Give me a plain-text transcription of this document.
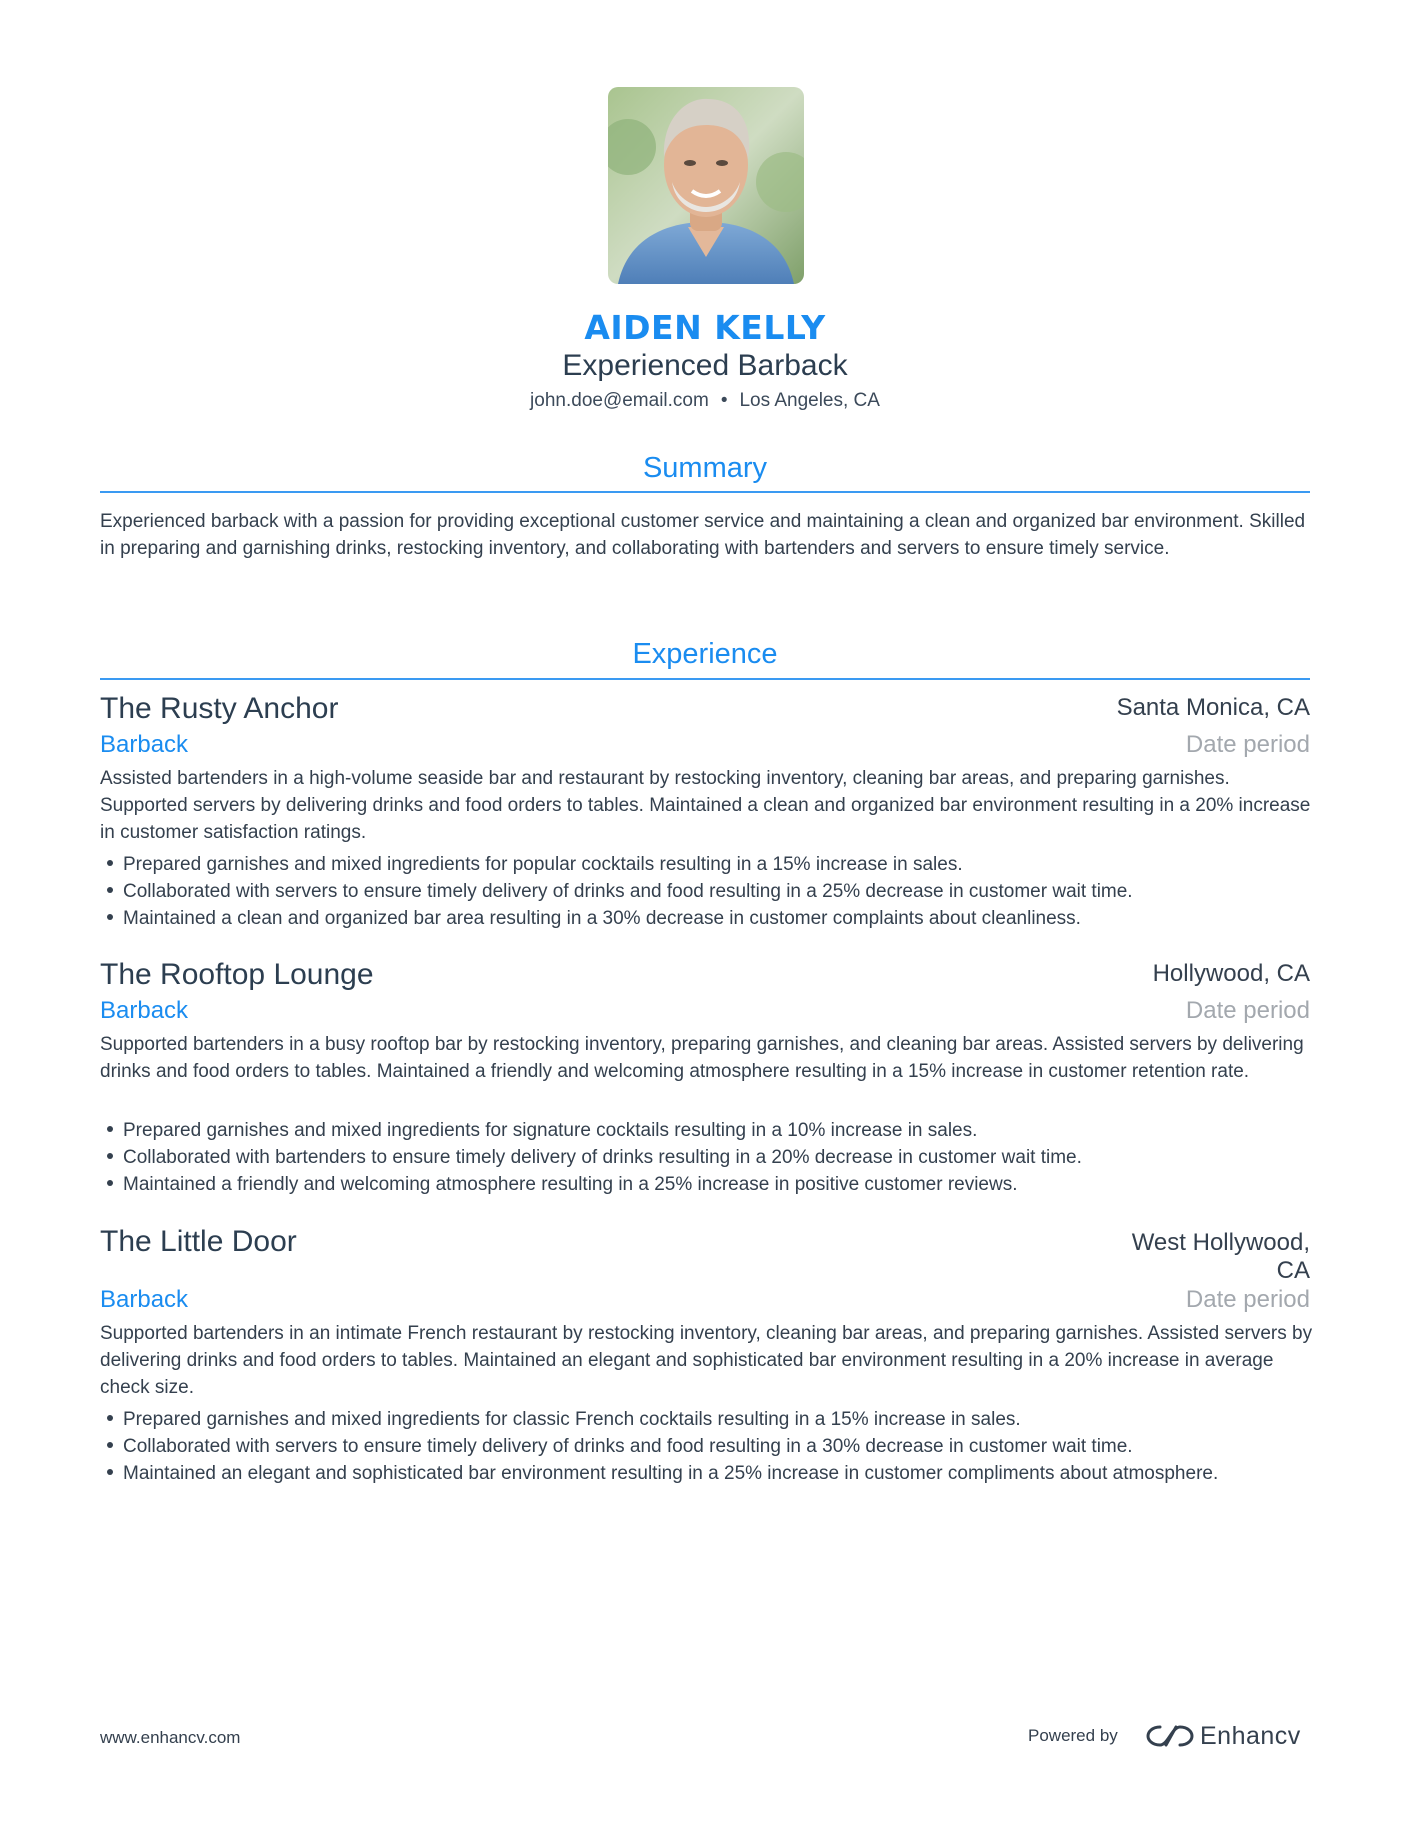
AIDEN KELLY
Experienced Barback
john.doe@email.com • Los Angeles, CA
Summary

Experienced barback with a passion for providing exceptional customer service and maintaining a clean and organized bar environment. Skilled in preparing and garnishing drinks, restocking inventory, and collaborating with bartenders and servers to ensure timely service.

Experience
The Rusty Anchor	Santa Monica, CA
Barback	Date period

Assisted bartenders in a high-volume seaside bar and restaurant by restocking inventory, cleaning bar areas, and preparing garnishes. Supported servers by delivering drinks and food orders to tables. Maintained a clean and organized bar environment resulting in a 20% increase in customer satisfaction ratings.

Prepared garnishes and mixed ingredients for popular cocktails resulting in a 15% increase in sales.
Collaborated with servers to ensure timely delivery of drinks and food resulting in a 25% decrease in customer wait time.
Maintained a clean and organized bar area resulting in a 30% decrease in customer complaints about cleanliness.
The Rooftop Lounge	Hollywood, CA
Barback	Date period

Supported bartenders in a busy rooftop bar by restocking inventory, preparing garnishes, and cleaning bar areas. Assisted servers by delivering drinks and food orders to tables. Maintained a friendly and welcoming atmosphere resulting in a 15% increase in customer retention rate.

Prepared garnishes and mixed ingredients for signature cocktails resulting in a 10% increase in sales.
Collaborated with bartenders to ensure timely delivery of drinks resulting in a 20% decrease in customer wait time.
Maintained a friendly and welcoming atmosphere resulting in a 25% increase in positive customer reviews.
The Little Door	West Hollywood,
CA
Barback	Date period

Supported bartenders in an intimate French restaurant by restocking inventory, cleaning bar areas, and preparing garnishes. Assisted servers by delivering drinks and food orders to tables. Maintained an elegant and sophisticated bar environment resulting in a 20% increase in average check size.

Prepared garnishes and mixed ingredients for classic French cocktails resulting in a 15% increase in sales.
Collaborated with servers to ensure timely delivery of drinks and food resulting in a 30% decrease in customer wait time.
Maintained an elegant and sophisticated bar environment resulting in a 25% increase in customer compliments about atmosphere.
www.enhancv.com	Powered by	Enhancv
